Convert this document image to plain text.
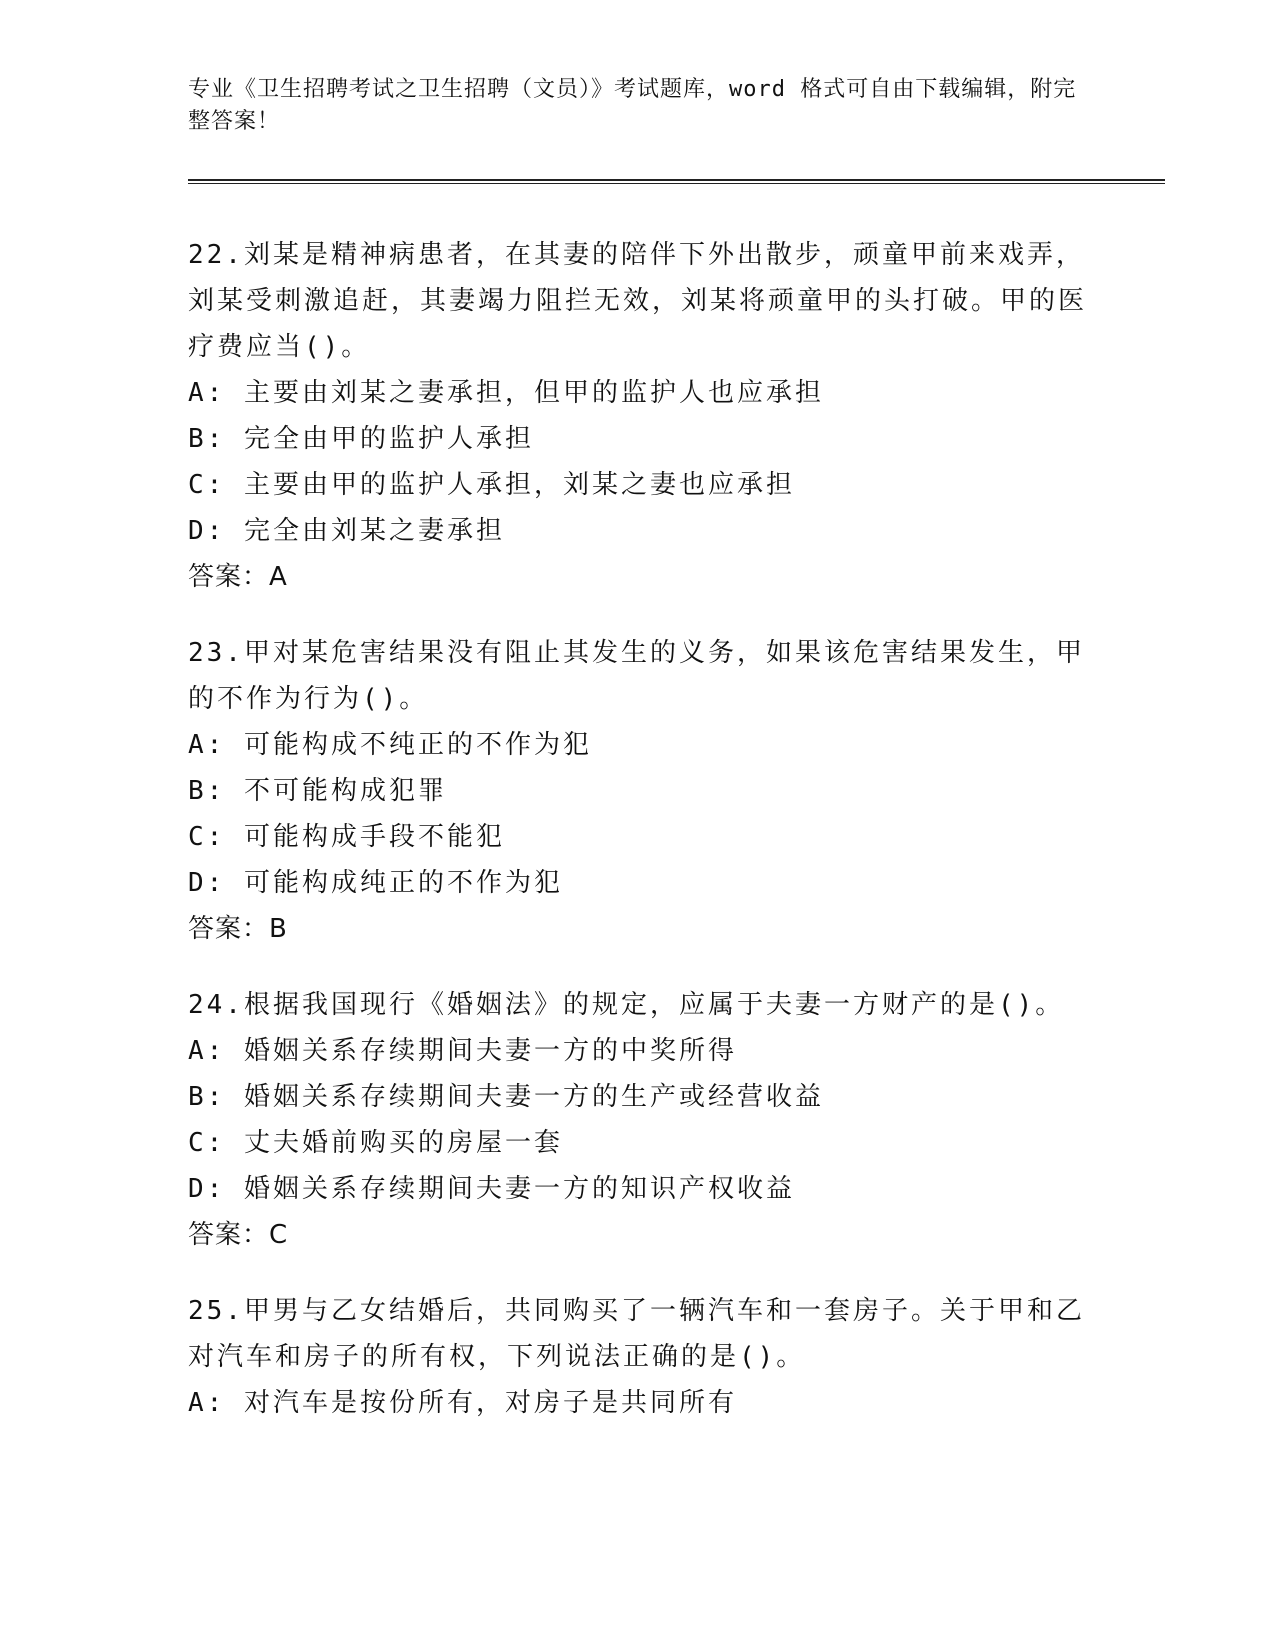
专业《卫生招聘考试之卫生招聘（文员）》考试题库，word 格式可自由下载编辑，附完整答案！
22.刘某是精神病患者，在其妻的陪伴下外出散步，顽童甲前来戏弄，刘某受刺激追赶，其妻竭力阻拦无效，刘某将顽童甲的头打破。甲的医疗费应当()。
A: 主要由刘某之妻承担，但甲的监护人也应承担
B: 完全由甲的监护人承担
C: 主要由甲的监护人承担，刘某之妻也应承担
D: 完全由刘某之妻承担
答案：A
23.甲对某危害结果没有阻止其发生的义务，如果该危害结果发生，甲的不作为行为()。
A: 可能构成不纯正的不作为犯
B: 不可能构成犯罪
C: 可能构成手段不能犯
D: 可能构成纯正的不作为犯
答案：B
24.根据我国现行《婚姻法》的规定，应属于夫妻一方财产的是()。
A: 婚姻关系存续期间夫妻一方的中奖所得
B: 婚姻关系存续期间夫妻一方的生产或经营收益
C: 丈夫婚前购买的房屋一套
D: 婚姻关系存续期间夫妻一方的知识产权收益
答案：C
25.甲男与乙女结婚后，共同购买了一辆汽车和一套房子。关于甲和乙对汽车和房子的所有权，下列说法正确的是()。
A: 对汽车是按份所有，对房子是共同所有
